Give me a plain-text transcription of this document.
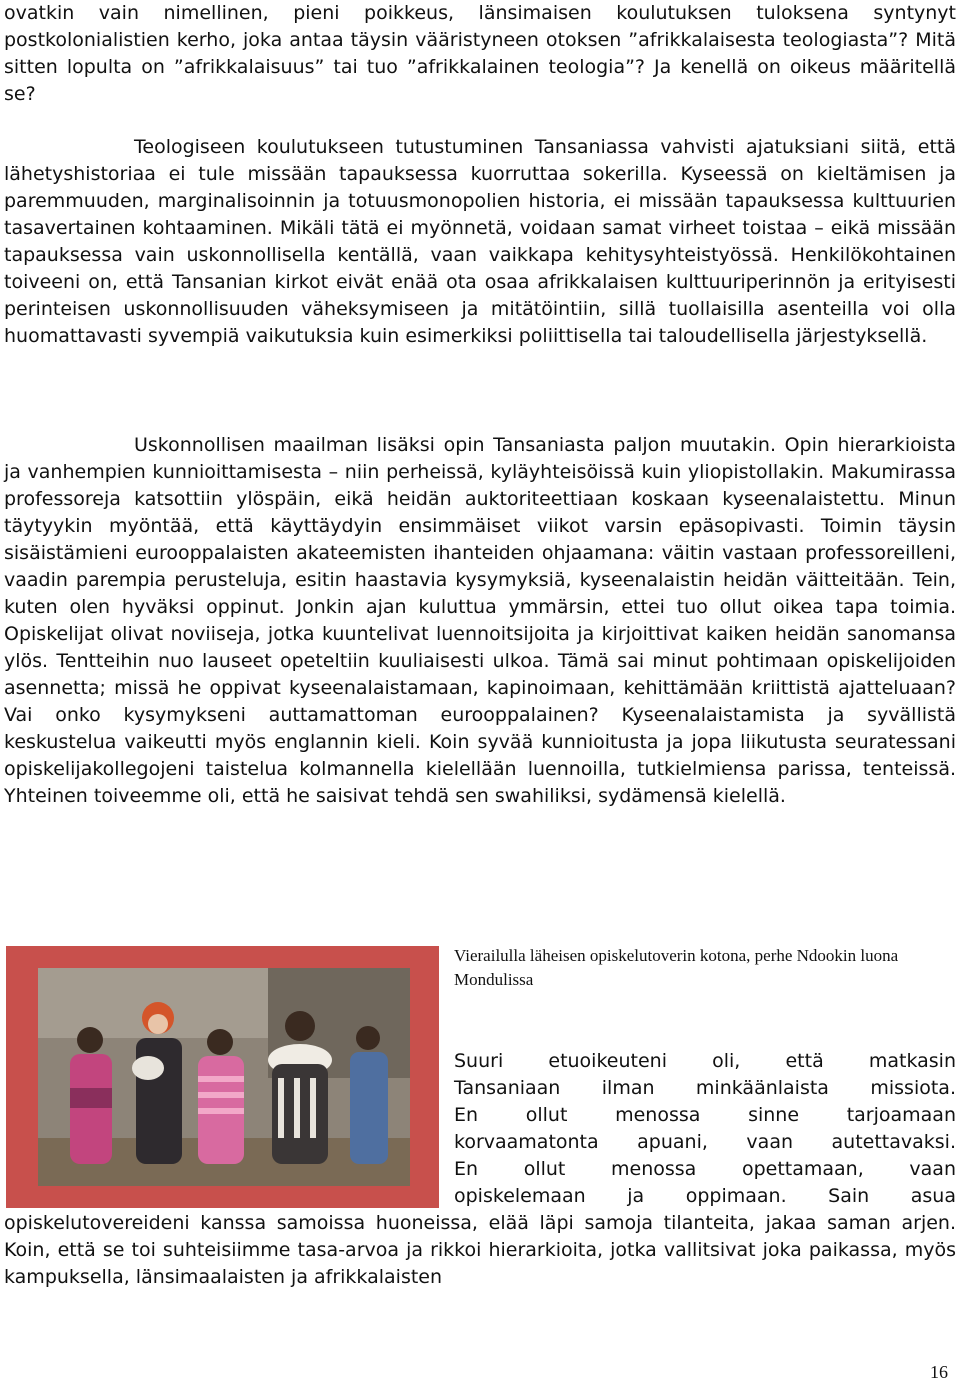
ovatkin vain nimellinen, pieni poikkeus, länsimaisen koulutuksen tuloksena syntynyt postkolonialistien kerho, joka antaa täysin vääristyneen otoksen ”afrikkalaisesta teologiasta”? Mitä sitten lopulta on ”afrikkalaisuus” tai tuo ”afrikkalainen teologia”? Ja kenellä on oikeus määritellä se?

Teologiseen koulutukseen tutustuminen Tansaniassa vahvisti ajatuksiani siitä, että lähetyshistoriaa ei tule missään tapauksessa kuorruttaa sokerilla. Kyseessä on kieltämisen ja paremmuuden, marginalisoinnin ja totuusmonopolien historia, ei missään tapauksessa kulttuurien tasavertainen kohtaaminen. Mikäli tätä ei myönnetä, voidaan samat virheet toistaa – eikä missään tapauksessa vain uskonnollisella kentällä, vaan vaikkapa kehitysyhteistyössä. Henkilökohtainen toiveeni on, että Tansanian kirkot eivät enää ota osaa afrikkalaisen kulttuuriperinnön ja erityisesti perinteisen uskonnollisuuden väheksymiseen ja mitätöintiin, sillä tuollaisilla asenteilla voi olla huomattavasti syvempiä vaikutuksia kuin esimerkiksi poliittisella tai taloudellisella järjestyksellä.

Uskonnollisen maailman lisäksi opin Tansaniasta paljon muutakin. Opin hierarkioista ja vanhempien kunnioittamisesta – niin perheissä, kyläyhteisöissä kuin yliopistollakin. Makumirassa professoreja katsottiin ylöspäin, eikä heidän auktoriteettiaan koskaan kyseenalaistettu. Minun täytyykin myöntää, että käyttäydyin ensimmäiset viikot varsin epäsopivasti. Toimin täysin sisäistämieni eurooppalaisten akateemisten ihanteiden ohjaamana: väitin vastaan professoreilleni, vaadin parempia perusteluja, esitin haastavia kysymyksiä, kyseenalaistin heidän väitteitään. Tein, kuten olen hyväksi oppinut. Jonkin ajan kuluttua ymmärsin, ettei tuo ollut oikea tapa toimia. Opiskelijat olivat noviiseja, jotka kuuntelivat luennoitsijoita ja kirjoittivat kaiken heidän sanomansa ylös. Tentteihin nuo lauseet opeteltiin kuuliaisesti ulkoa. Tämä sai minut pohtimaan opiskelijoiden asennetta; missä he oppivat kyseenalaistamaan, kapinoimaan, kehittämään kriittistä ajatteluaan? Vai onko kysymykseni auttamattoman eurooppalainen? Kyseenalaistamista ja syvällistä keskustelua vaikeutti myös englannin kieli. Koin syvää kunnioitusta ja jopa liikutusta seuratessani opiskelijakollegojeni taistelua kolmannella kielellään luennoilla, tutkielmiensa parissa, tenteissä. Yhteinen toiveemme oli, että he saisivat tehdä sen swahiliksi, sydämensä kielellä.

Vierailulla läheisen opiskelutoverin kotona, perhe Ndookin luona Mondulissa

Suuri etuoikeuteni oli, että matkasin
Tansaniaan ilman minkäänlaista missiota.
En ollut menossa sinne tarjoamaan
korvaamatonta apuani, vaan autettavaksi.
En ollut menossa opettamaan, vaan
opiskelemaan ja oppimaan. Sain asua

opiskelutovereideni kanssa samoissa huoneissa, elää läpi samoja tilanteita, jakaa saman arjen. Koin, että se toi suhteisiimme tasa-arvoa ja rikkoi hierarkioita, jotka vallitsivat joka paikassa, myös kampuksella, länsimaalaisten ja afrikkalaisten

16
